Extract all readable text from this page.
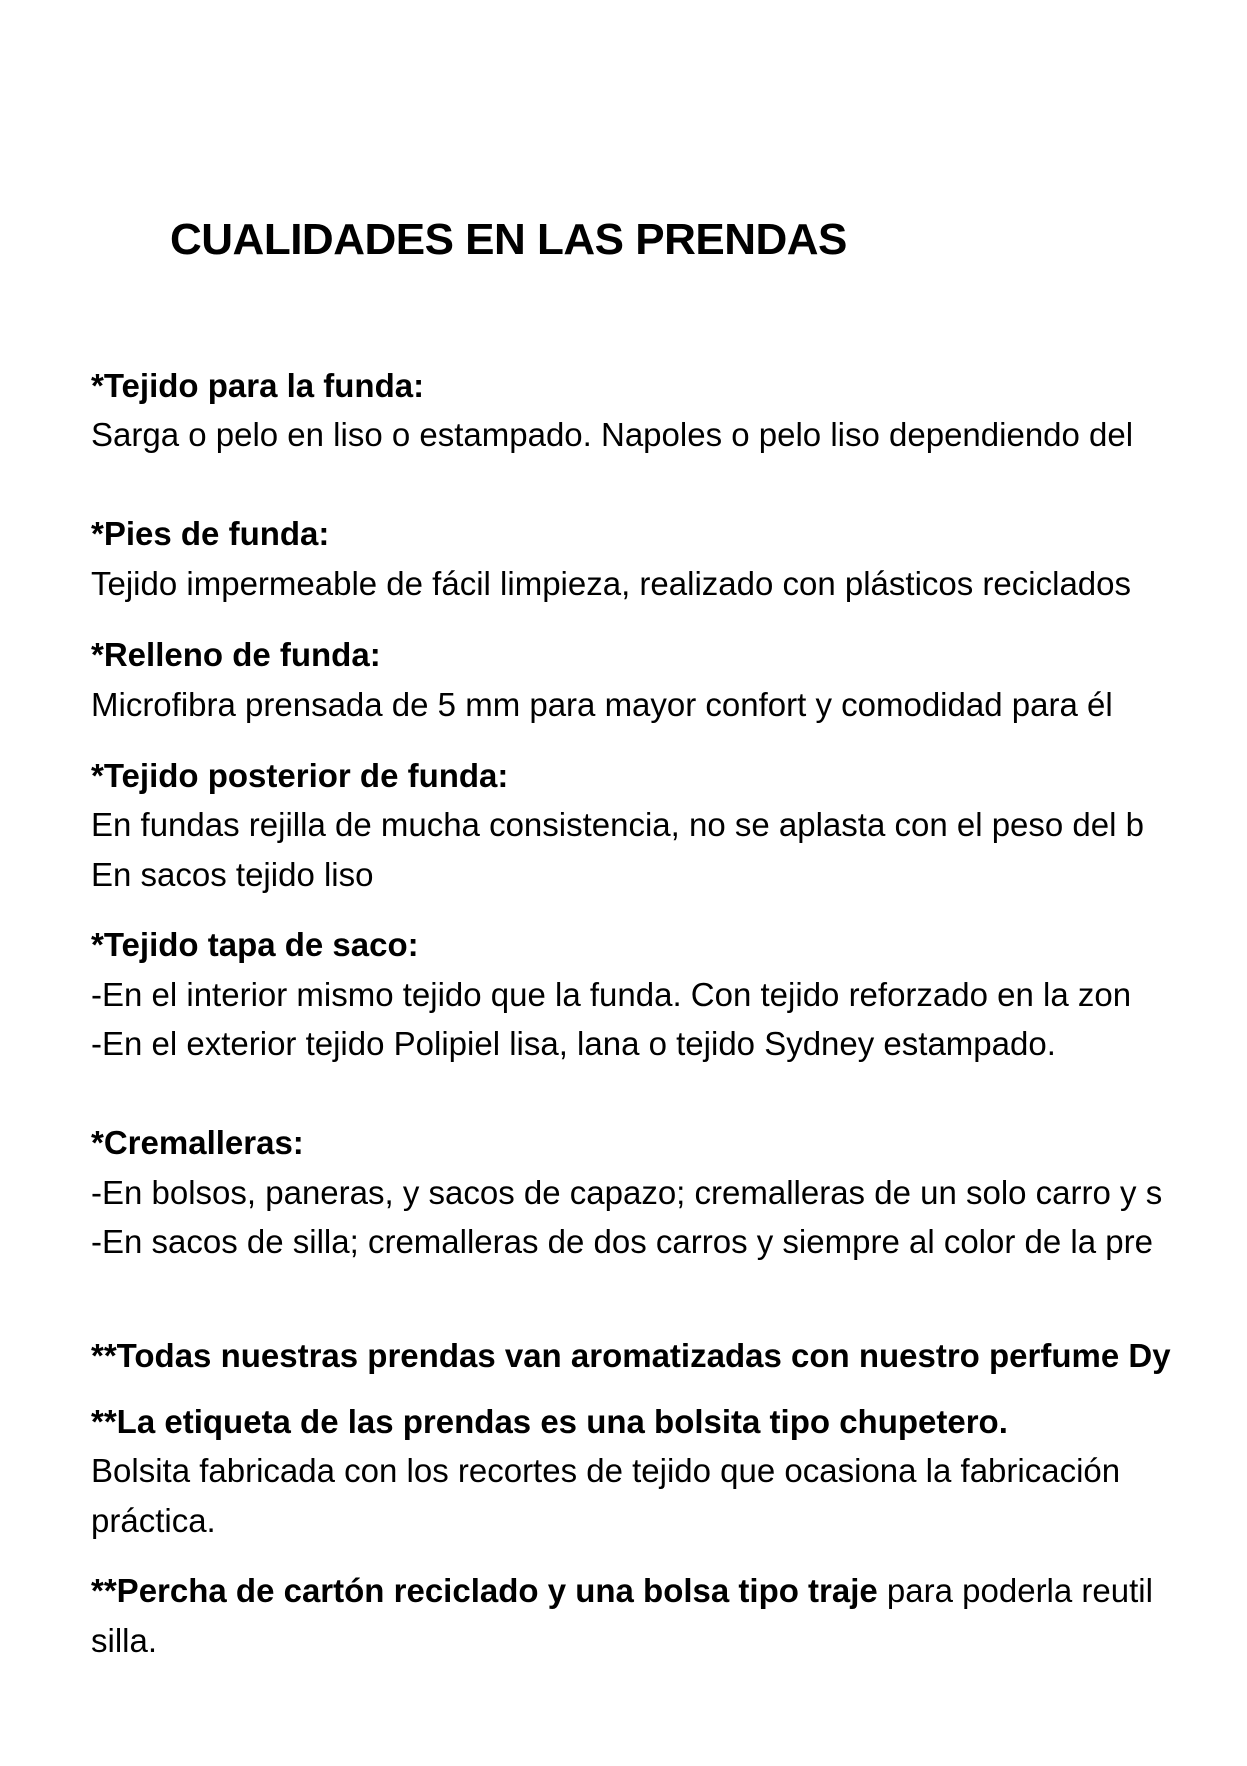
CUALIDADES EN LAS PRENDAS

*Tejido para la funda:

Sarga o pelo en liso o estampado. Napoles o pelo liso dependiendo del

*Pies de funda:

Tejido impermeable de fácil limpieza, realizado con plásticos reciclados

*Relleno de funda:

Microfibra prensada de 5 mm para mayor confort y comodidad para él

*Tejido posterior de funda:

En fundas rejilla de mucha consistencia, no se aplasta con el peso del b

En sacos tejido liso

*Tejido tapa de saco:

-En el interior mismo tejido que la funda. Con tejido reforzado en la zon

-En el exterior tejido Polipiel lisa, lana o tejido Sydney estampado.

*Cremalleras:

-En bolsos, paneras, y sacos de capazo; cremalleras de un solo carro y s

-En sacos de silla; cremalleras de dos carros y siempre al color de la pre

**Todas nuestras prendas van aromatizadas con nuestro perfume Dy

**La etiqueta de las prendas es una bolsita tipo chupetero.

Bolsita fabricada con los recortes de tejido que ocasiona la fabricación

práctica.

**Percha de cartón reciclado y una bolsa tipo traje para poderla reutil

silla.
